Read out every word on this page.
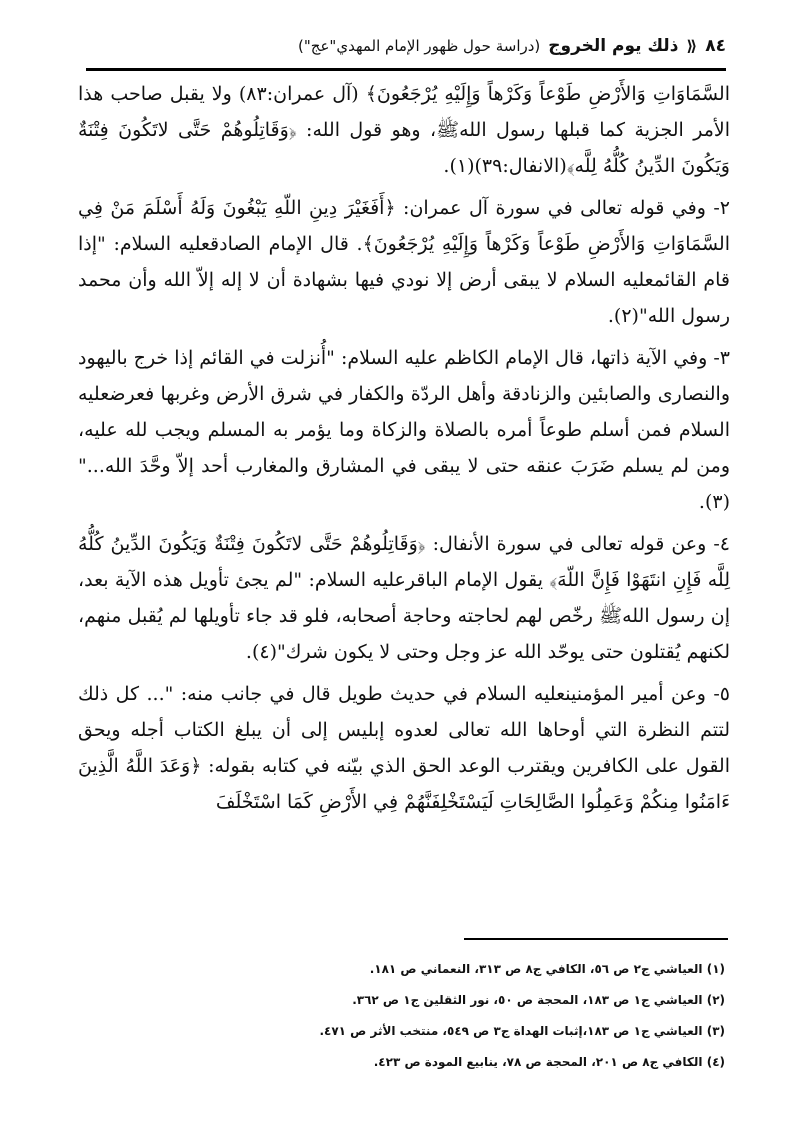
٨٤
⟪
ذلك يوم الخروج
(دراسة حول ظهور الإمام المهدي"عج")

السَّمَاوَاتِ وَالأَرْضِ طَوْعاً وَكَرْهاً وَإِلَيْهِ يُرْجَعُونَ﴾ (آل عمران:٨٣) ولا يقبل صاحب هذا الأمر الجزية كما قبلها رسول اللهﷺ، وهو قول الله: ﴿وَقَاتِلُوهُمْ حَتَّى لاتَكُونَ فِتْنَةٌ وَيَكُونَ الدِّينُ كُلُّهُ لِلَّه﴾(الانفال:٣٩)(١).

٢- وفي قوله تعالى في سورة آل عمران: ﴿أَفَغَيْرَ دِينِ اللّهِ يَبْغُونَ وَلَهُ أَسْلَمَ مَنْ فِي السَّمَاوَاتِ وَالأَرْضِ طَوْعاً وَكَرْهاً وَإِلَيْهِ يُرْجَعُونَ﴾. قال الإمام الصادقعليه السلام: "إذا قام القائمعليه السلام لا يبقى أرض إلا نودي فيها بشهادة أن لا إله إلاّ الله وأن محمد رسول الله"(٢).

٣- وفي الآية ذاتها، قال الإمام الكاظم عليه السلام: "أُنزلت في القائم إذا خرج باليهود والنصارى والصابئين والزنادقة وأهل الردّة والكفار في شرق الأرض وغربها فعرضعليه السلام فمن أسلم طوعاً أمره بالصلاة والزكاة وما يؤمر به المسلم ويجب لله عليه، ومن لم يسلم ضَرَبَ عنقه حتى لا يبقى في المشارق والمغارب أحد إلاّ وحَّدَ الله..."(٣).

٤- وعن قوله تعالى في سورة الأنفال: ﴿وَقَاتِلُوهُمْ حَتَّى لاتَكُونَ فِتْنَةٌ وَيَكُونَ الدِّينُ كُلُّهُ لِلَّه فَإِنِ انتَهَوْا فَإِنَّ اللّهَ﴾ يقول الإمام الباقرعليه السلام: "لم يجئ تأويل هذه الآية بعد، إن رسول اللهﷺ رخّص لهم لحاجته وحاجة أصحابه، فلو قد جاء تأويلها لم يُقبل منهم، لكنهم يُقتلون حتى يوحّد الله عز وجل وحتى لا يكون شرك"(٤).

٥- وعن أمير المؤمنينعليه السلام في حديث طويل قال في جانب منه: "... كل ذلك لتتم النظرة التي أوحاها الله تعالى لعدوه إبليس إلى أن يبلغ الكتاب أجله ويحق القول على الكافرين ويقترب الوعد الحق الذي بيّنه في كتابه بقوله: ﴿وَعَدَ اللَّهُ الَّذِينَ ءَامَنُوا مِنكُمْ وَعَمِلُوا الصَّالِحَاتِ لَيَسْتَخْلِفَنَّهُمْ فِي الأَرْضِ كَمَا اسْتَخْلَفَ

(١) العياشي ج٢ ص ٥٦، الكافي ج٨ ص ٣١٣، النعماني ص ١٨١.
(٢) العياشي ج١ ص ١٨٣، المحجة ص ٥٠، نور الثقلين ج١ ص ٣٦٢.
(٣) العياشي ج١ ص ١٨٣،إثبات الهداة ج٣ ص ٥٤٩، منتخب الأثر ص ٤٧١.
(٤) الكافي ج٨ ص ٢٠١، المحجة ص ٧٨، ينابيع المودة ص ٤٢٣.
